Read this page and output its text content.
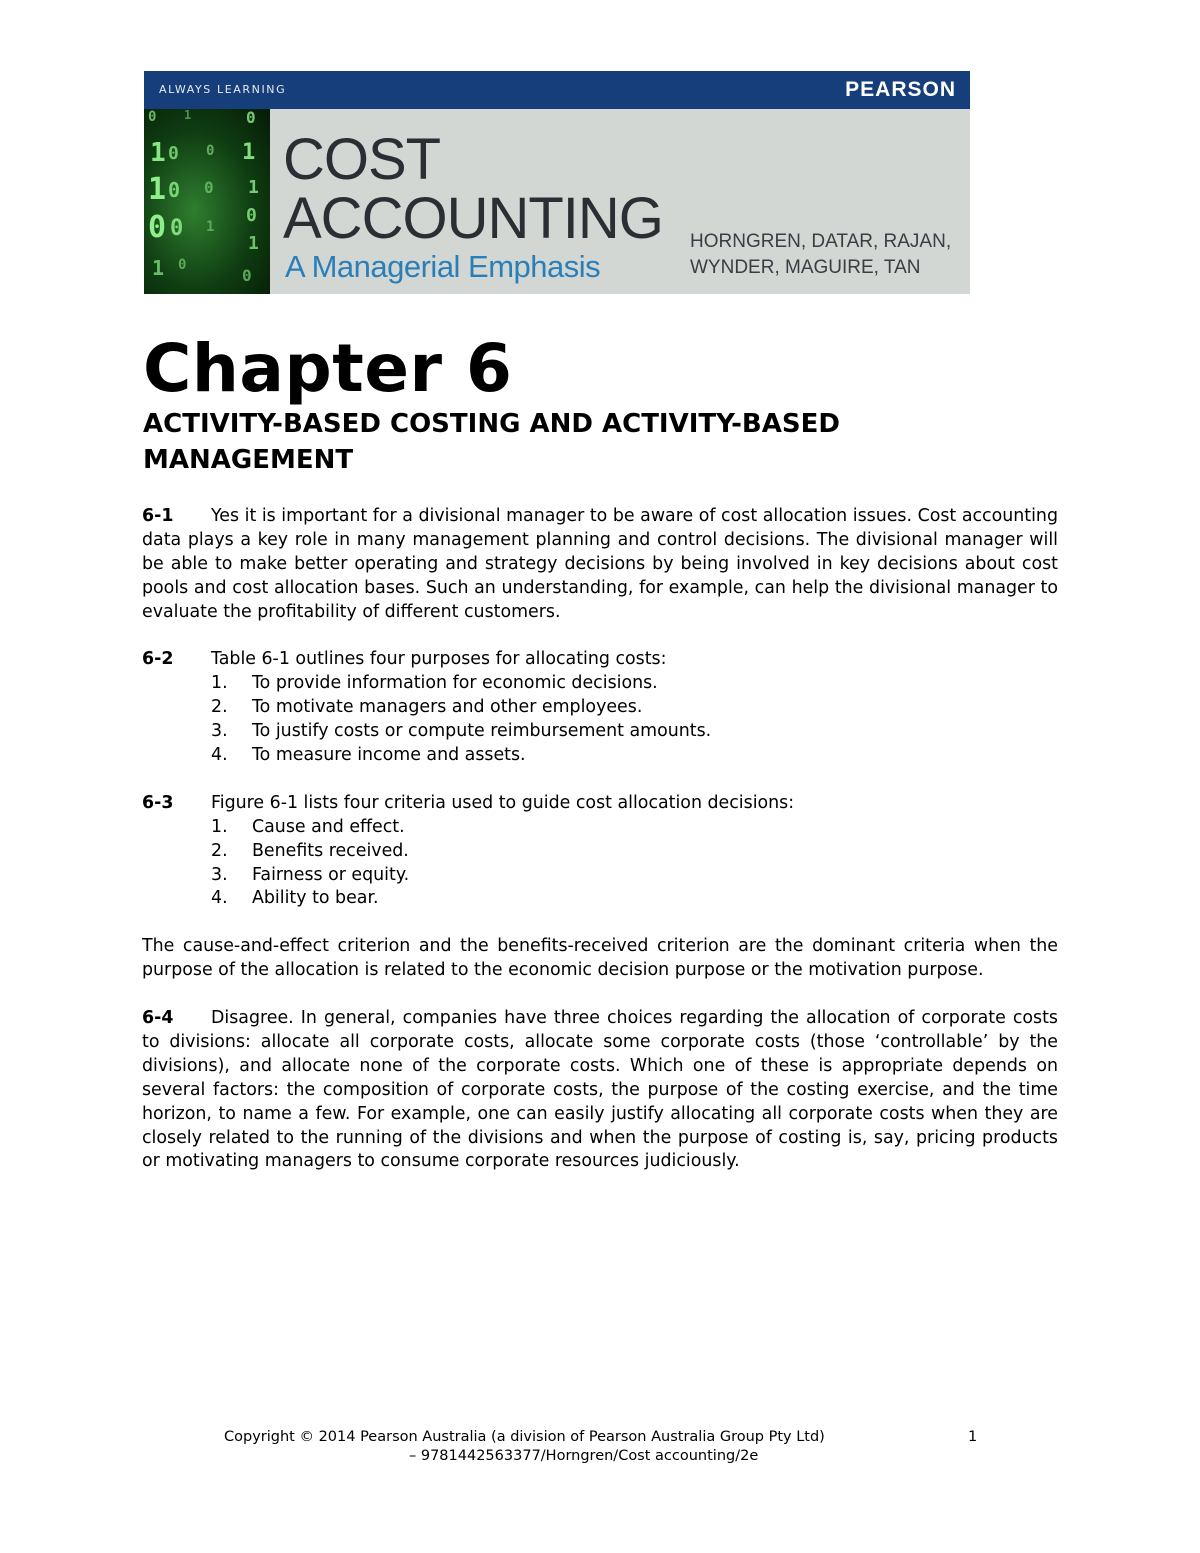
ALWAYS LEARNING	PEARSON
0 1	0
1 0 0 1
1 0 0 1
0
0 0 1
1
1 0
0
COST
ACCOUNTING
A Managerial Emphasis
HORNGREN, DATAR, RAJAN,
WYNDER, MAGUIRE, TAN
Chapter 6
ACTIVITY-BASED COSTING AND ACTIVITY-BASED MANAGEMENT

6-1 Yes it is important for a divisional manager to be aware of cost allocation issues. Cost accounting data plays a key role in many management planning and control decisions. The divisional manager will be able to make better operating and strategy decisions by being involved in key decisions about cost pools and cost allocation bases. Such an understanding, for example, can help the divisional manager to evaluate the profitability of different customers.

6-2 Table 6-1 outlines four purposes for allocating costs:
1. To provide information for economic decisions.
2. To motivate managers and other employees.
3. To justify costs or compute reimbursement amounts.
4. To measure income and assets.
6-3 Figure 6-1 lists four criteria used to guide cost allocation decisions:
1. Cause and effect.
2. Benefits received.
3. Fairness or equity.
4. Ability to bear.

The cause-and-effect criterion and the benefits-received criterion are the dominant criteria when the purpose of the allocation is related to the economic decision purpose or the motivation purpose.

6-4 Disagree. In general, companies have three choices regarding the allocation of corporate costs to divisions: allocate all corporate costs, allocate some corporate costs (those ‘controllable’ by the divisions), and allocate none of the corporate costs. Which one of these is appropriate depends on several factors: the composition of corporate costs, the purpose of the costing exercise, and the time horizon, to name a few. For example, one can easily justify allocating all corporate costs when they are closely related to the running of the divisions and when the purpose of costing is, say, pricing products or motivating managers to consume corporate resources judiciously.

Copyright © 2014 Pearson Australia (a division of Pearson Australia Group Pty Ltd)	1
– 9781442563377/Horngren/Cost accounting/2e
